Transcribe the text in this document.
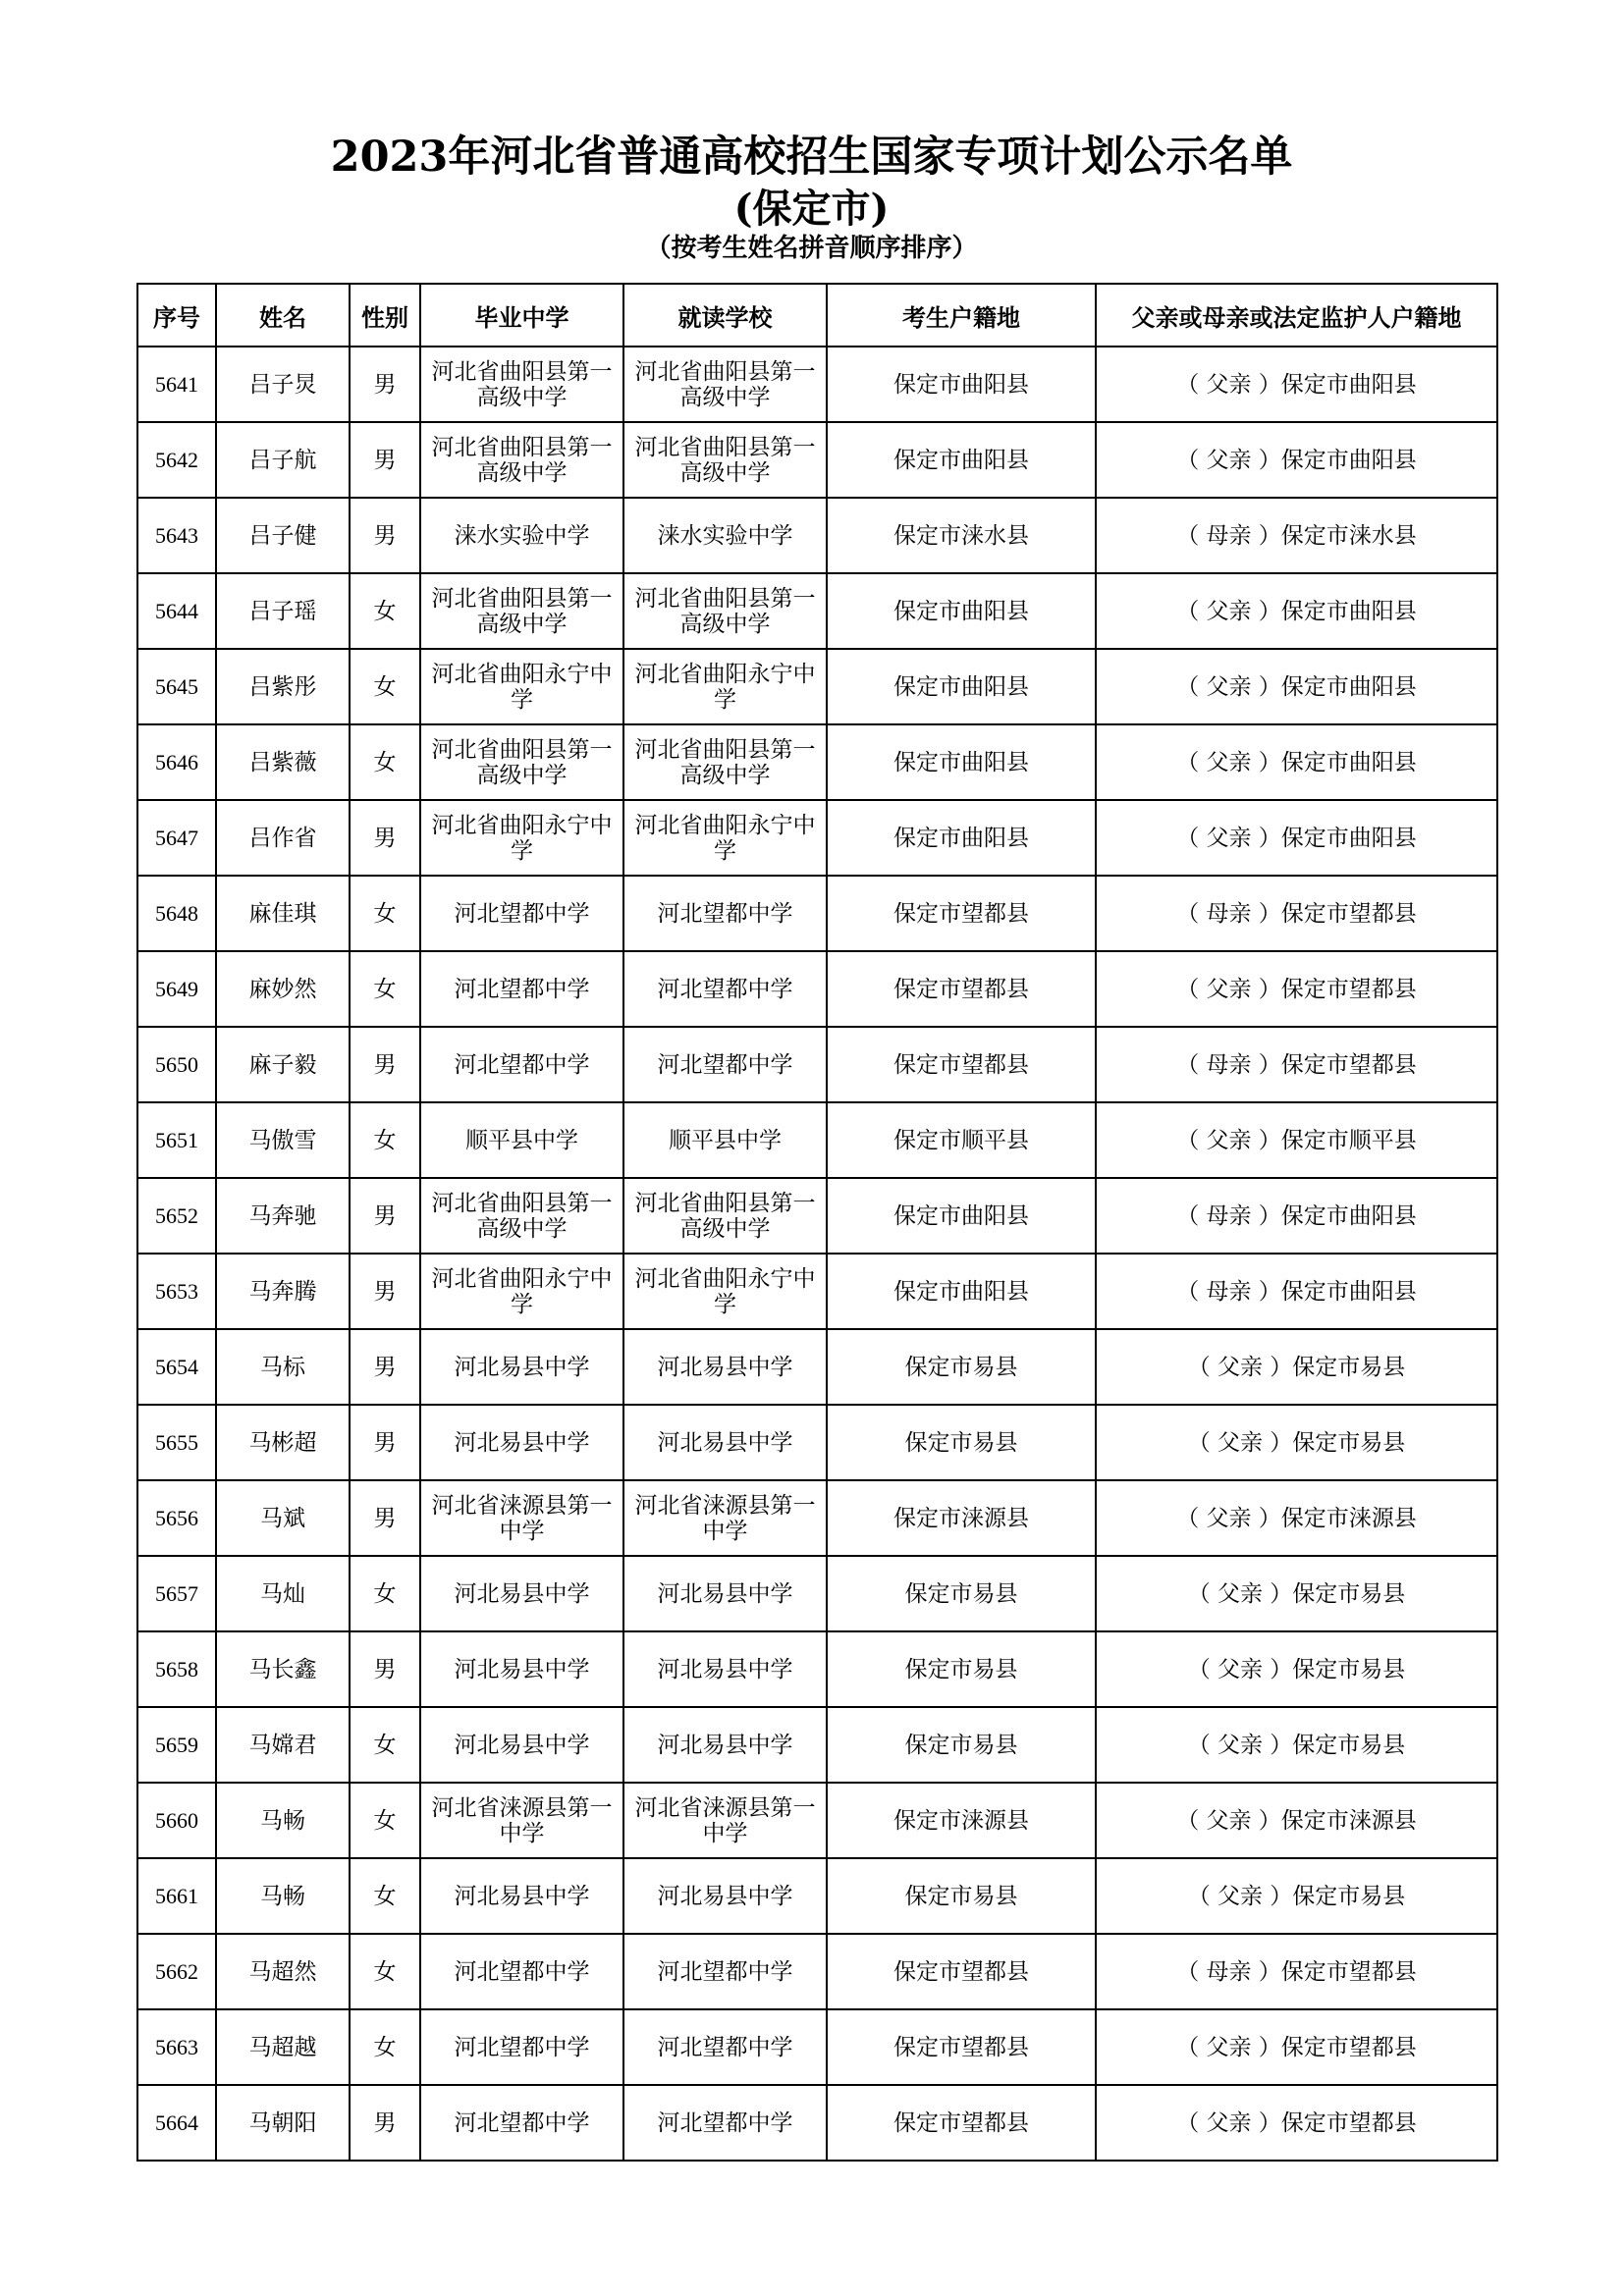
2023年河北省普通高校招生国家专项计划公示名单
(保定市)
（按考生姓名拼音顺序排序）
序号	姓名	性别	毕业中学	就读学校	考生户籍地	父亲或母亲或法定监护人户籍地
5641	吕子炅	男	河北省曲阳县第一高级中学	河北省曲阳县第一高级中学	保定市曲阳县	（ 父亲 ）保定市曲阳县
5642	吕子航	男	河北省曲阳县第一高级中学	河北省曲阳县第一高级中学	保定市曲阳县	（ 父亲 ）保定市曲阳县
5643	吕子健	男	涞水实验中学	涞水实验中学	保定市涞水县	（ 母亲 ）保定市涞水县
5644	吕子瑶	女	河北省曲阳县第一高级中学	河北省曲阳县第一高级中学	保定市曲阳县	（ 父亲 ）保定市曲阳县
5645	吕紫彤	女	河北省曲阳永宁中学	河北省曲阳永宁中学	保定市曲阳县	（ 父亲 ）保定市曲阳县
5646	吕紫薇	女	河北省曲阳县第一高级中学	河北省曲阳县第一高级中学	保定市曲阳县	（ 父亲 ）保定市曲阳县
5647	吕作省	男	河北省曲阳永宁中学	河北省曲阳永宁中学	保定市曲阳县	（ 父亲 ）保定市曲阳县
5648	麻佳琪	女	河北望都中学	河北望都中学	保定市望都县	（ 母亲 ）保定市望都县
5649	麻妙然	女	河北望都中学	河北望都中学	保定市望都县	（ 父亲 ）保定市望都县
5650	麻子毅	男	河北望都中学	河北望都中学	保定市望都县	（ 母亲 ）保定市望都县
5651	马傲雪	女	顺平县中学	顺平县中学	保定市顺平县	（ 父亲 ）保定市顺平县
5652	马奔驰	男	河北省曲阳县第一高级中学	河北省曲阳县第一高级中学	保定市曲阳县	（ 母亲 ）保定市曲阳县
5653	马奔腾	男	河北省曲阳永宁中学	河北省曲阳永宁中学	保定市曲阳县	（ 母亲 ）保定市曲阳县
5654	马标	男	河北易县中学	河北易县中学	保定市易县	（ 父亲 ）保定市易县
5655	马彬超	男	河北易县中学	河北易县中学	保定市易县	（ 父亲 ）保定市易县
5656	马斌	男	河北省涞源县第一中学	河北省涞源县第一中学	保定市涞源县	（ 父亲 ）保定市涞源县
5657	马灿	女	河北易县中学	河北易县中学	保定市易县	（ 父亲 ）保定市易县
5658	马长鑫	男	河北易县中学	河北易县中学	保定市易县	（ 父亲 ）保定市易县
5659	马嫦君	女	河北易县中学	河北易县中学	保定市易县	（ 父亲 ）保定市易县
5660	马畅	女	河北省涞源县第一中学	河北省涞源县第一中学	保定市涞源县	（ 父亲 ）保定市涞源县
5661	马畅	女	河北易县中学	河北易县中学	保定市易县	（ 父亲 ）保定市易县
5662	马超然	女	河北望都中学	河北望都中学	保定市望都县	（ 母亲 ）保定市望都县
5663	马超越	女	河北望都中学	河北望都中学	保定市望都县	（ 父亲 ）保定市望都县
5664	马朝阳	男	河北望都中学	河北望都中学	保定市望都县	（ 父亲 ）保定市望都县
